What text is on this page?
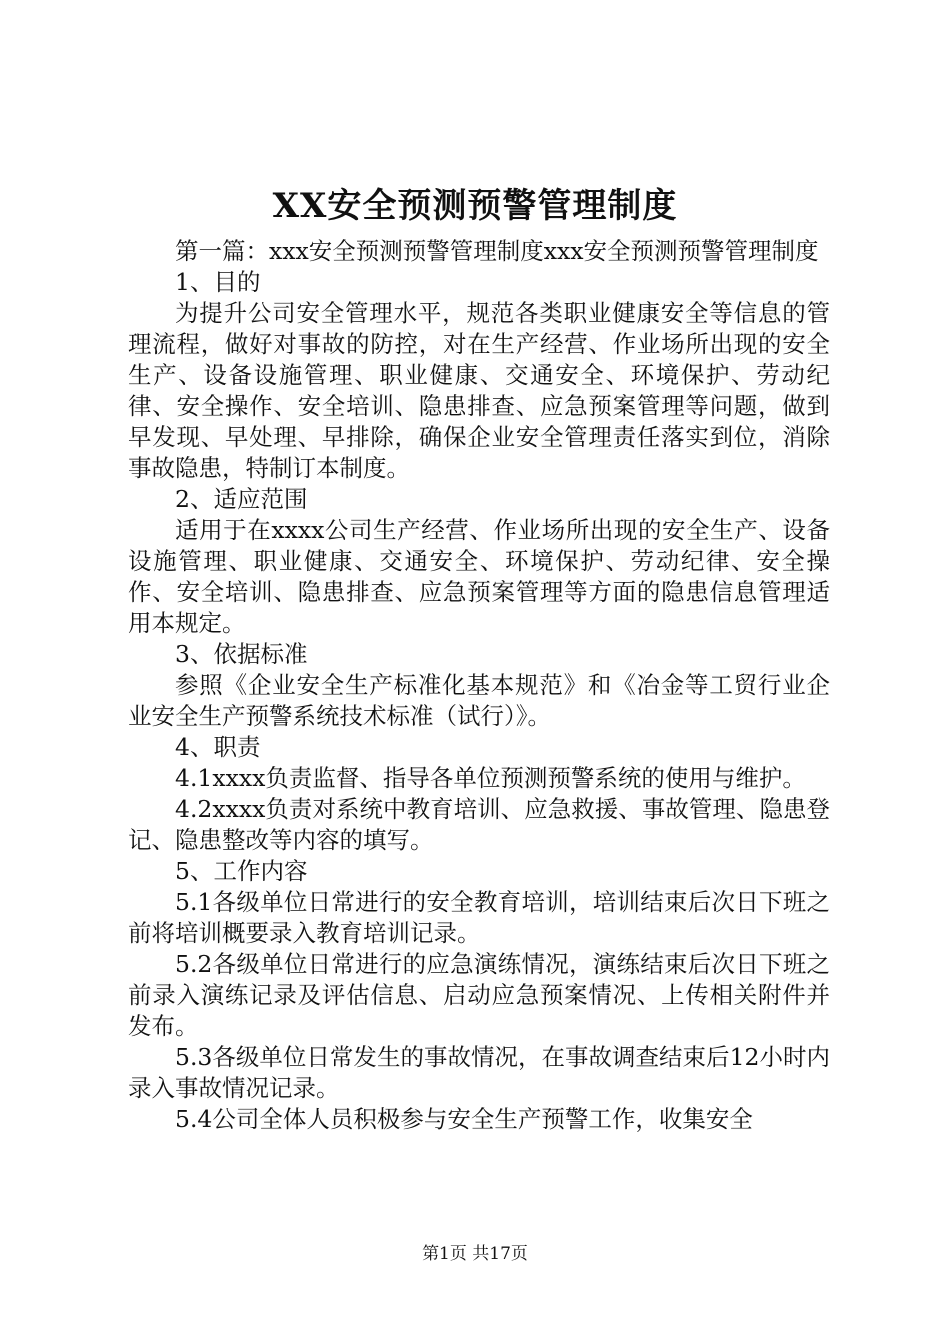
XX安全预测预警管理制度

第一篇：xxx安全预测预警管理制度xxx安全预测预警管理制度

1、目的

为提升公司安全管理水平，规范各类职业健康安全等信息的管理流程，做好对事故的防控，对在生产经营、作业场所出现的安全生产、设备设施管理、职业健康、交通安全、环境保护、劳动纪律、安全操作、安全培训、隐患排查、应急预案管理等问题，做到早发现、早处理、早排除，确保企业安全管理责任落实到位，消除事故隐患，特制订本制度。

2、适应范围

适用于在xxxx公司生产经营、作业场所出现的安全生产、设备设施管理、职业健康、交通安全、环境保护、劳动纪律、安全操作、安全培训、隐患排查、应急预案管理等方面的隐患信息管理适用本规定。

3、依据标准

参照《企业安全生产标准化基本规范》和《冶金等工贸行业企业安全生产预警系统技术标准（试行）》。

4、职责

4.1xxxx负责监督、指导各单位预测预警系统的使用与维护。

4.2xxxx负责对系统中教育培训、应急救援、事故管理、隐患登记、隐患整改等内容的填写。

5、工作内容

5.1各级单位日常进行的安全教育培训，培训结束后次日下班之前将培训概要录入教育培训记录。

5.2各级单位日常进行的应急演练情况，演练结束后次日下班之前录入演练记录及评估信息、启动应急预案情况、上传相关附件并发布。

5.3各级单位日常发生的事故情况，在事故调查结束后12小时内录入事故情况记录。

5.4公司全体人员积极参与安全生产预警工作，收集安全

第1页 共17页
